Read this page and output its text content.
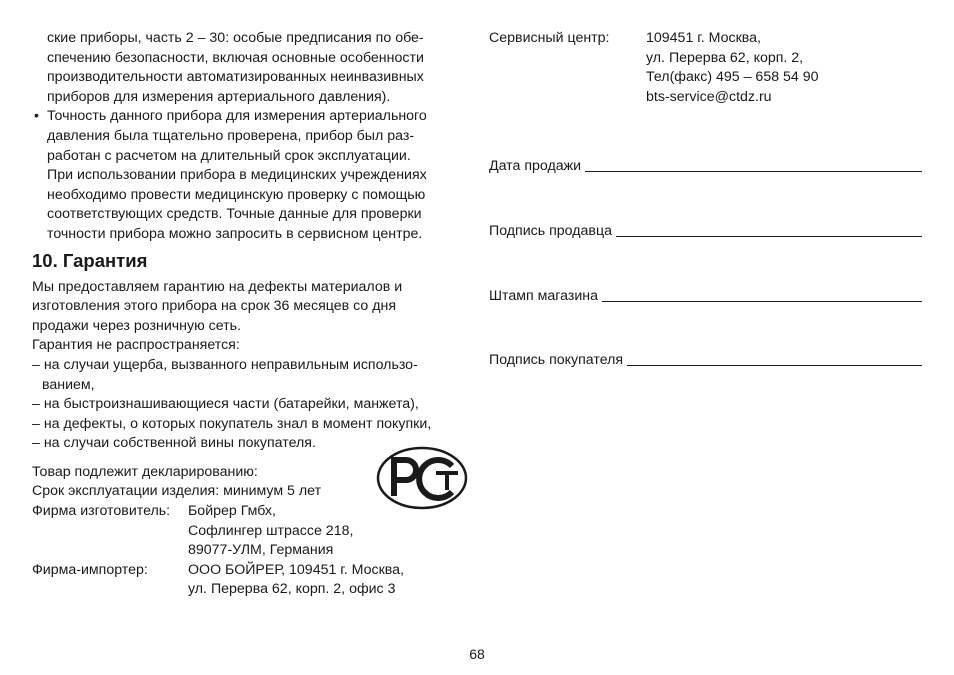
ские приборы, часть 2 – 30: особые предписания по обе-

спечению безопасности, включая основные особенности

производительности автоматизированных неинвазивных

приборов для измерения артериального давления).

• Точность данного прибора для измерения артериального

давления была тщательно проверена, прибор был раз-

работан с расчетом на длительный срок эксплуатации.

При использовании прибора в медицинских учреждениях

необходимо провести медицинскую проверку с помощью

соответствующих средств. Точные данные для проверки

точности прибора можно запросить в сервисном центре.

10. Гарантия

Мы предоставляем гарантию на дефекты материалов и

изготовления этого прибора на срок 36 месяцев со дня

продажи через розничную сеть.

Гарантия не распространяется:

– на случаи ущерба, вызванного неправильным использо-

ванием,

– на быстроизнашивающиеся части (батарейки, манжета),

– на дефекты, о которых покупатель знал в момент покупки,

– на случаи собственной вины покупателя.

Товар подлежит декларированию:

Срок эксплуатации изделия: минимум 5 лет

Фирма изготовитель:	Бойрер Гмбх,

Софлингер штрассе 218,

89077-УЛМ, Германия

Фирма-импортер:	ООО БОЙРЕР, 109451 г. Москва,

ул. Перерва 62, корп. 2, офис 3

Сервисный центр:	109451 г. Москва,

ул. Перерва 62, корп. 2,

Тел(факс) 495 – 658 54 90

bts-service@ctdz.ru

Дата продажи
Подпись продавца
Штамп магазина
Подпись покупателя
68
